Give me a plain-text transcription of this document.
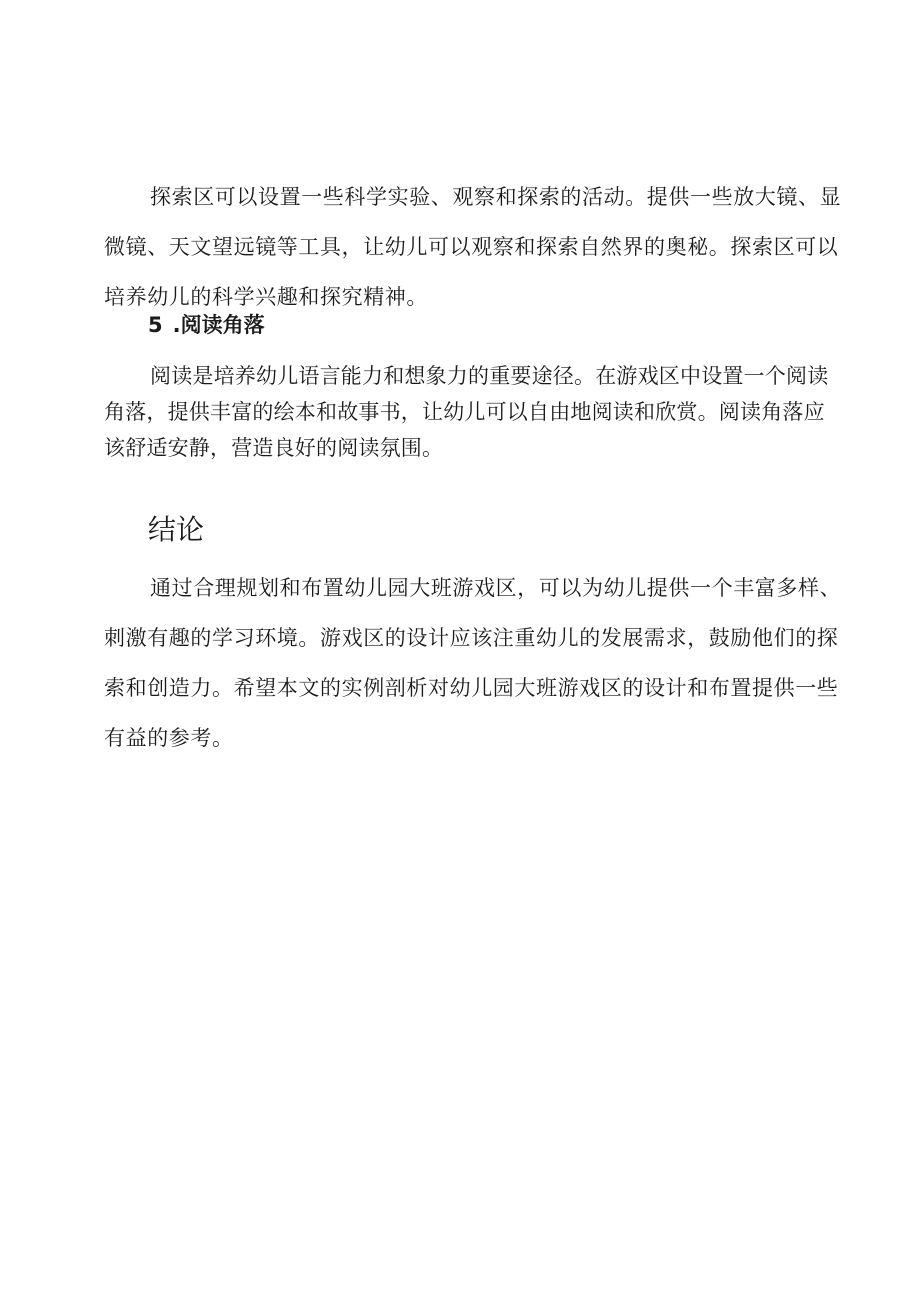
探索区可以设置一些科学实验、观察和探索的活动。提供一些放大镜、显微镜、天文望远镜等工具，让幼儿可以观察和探索自然界的奥秘。探索区可以培养幼儿的科学兴趣和探究精神。

5 .阅读角落

阅读是培养幼儿语言能力和想象力的重要途径。在游戏区中设置一个阅读角落，提供丰富的绘本和故事书，让幼儿可以自由地阅读和欣赏。阅读角落应该舒适安静，营造良好的阅读氛围。

结论

通过合理规划和布置幼儿园大班游戏区，可以为幼儿提供一个丰富多样、刺激有趣的学习环境。游戏区的设计应该注重幼儿的发展需求，鼓励他们的探索和创造力。希望本文的实例剖析对幼儿园大班游戏区的设计和布置提供一些有益的参考。
